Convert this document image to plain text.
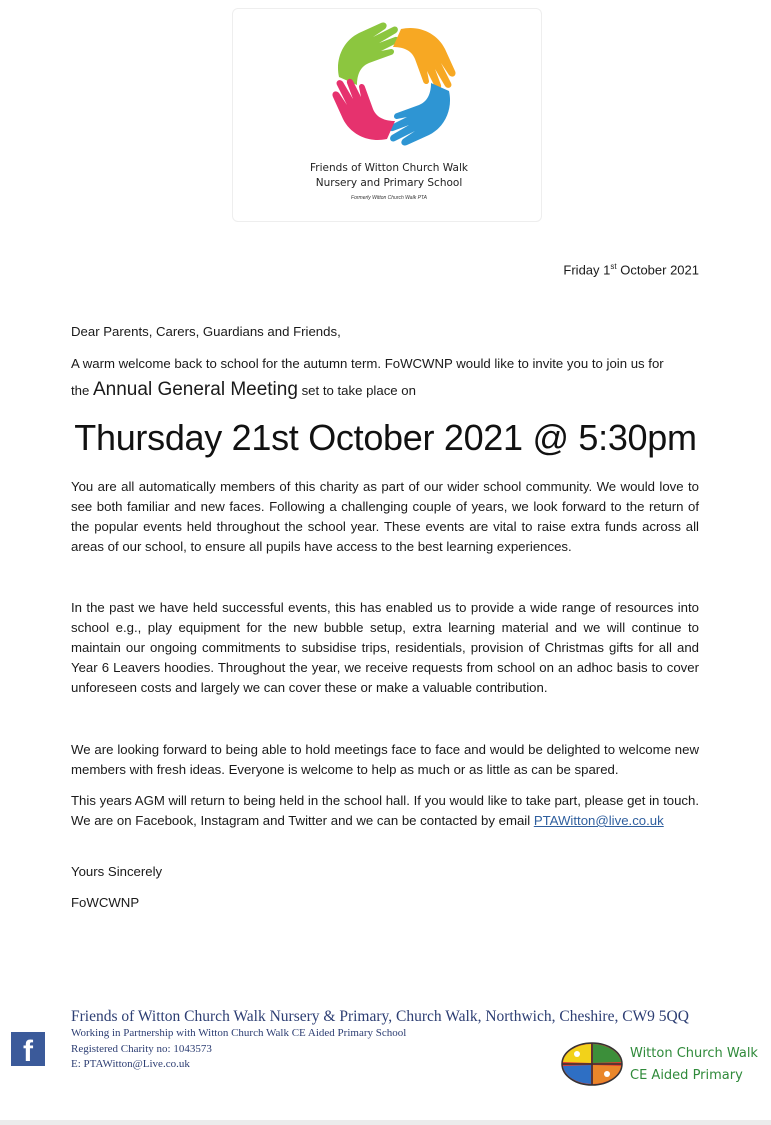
Friends of Witton Church Walk
Nursery and Primary School
Formerly Witton Church Walk PTA
Friday 1st October 2021
Dear Parents, Carers, Guardians and Friends,
A warm welcome back to school for the autumn term. FoWCWNP would like to invite you to join us for
the Annual General Meeting set to take place on
Thursday 21st October 2021 @ 5:30pm
You are all automatically members of this charity as part of our wider school community. We would love to see both familiar and new faces. Following a challenging couple of years, we look forward to the return of the popular events held throughout the school year. These events are vital to raise extra funds across all areas of our school, to ensure all pupils have access to the best learning experiences.
In the past we have held successful events, this has enabled us to provide a wide range of resources into school e.g., play equipment for the new bubble setup, extra learning material and we will continue to maintain our ongoing commitments to subsidise trips, residentials, provision of Christmas gifts for all and Year 6 Leavers hoodies. Throughout the year, we receive requests from school on an adhoc basis to cover unforeseen costs and largely we can cover these or make a valuable contribution.
We are looking forward to being able to hold meetings face to face and would be delighted to welcome new members with fresh ideas. Everyone is welcome to help as much or as little as can be spared.
This years AGM will return to being held in the school hall. If you would like to take part, please get in touch. We are on Facebook, Instagram and Twitter and we can be contacted by email PTAWitton@live.co.uk
Yours Sincerely
FoWCWNP
Friends of Witton Church Walk Nursery & Primary, Church Walk, Northwich, Cheshire, CW9 5QQ
Working in Partnership with Witton Church Walk CE Aided Primary School
Registered Charity no: 1043573
E: PTAWitton@Live.co.uk
f	Witton Church Walk
CE Aided Primary
